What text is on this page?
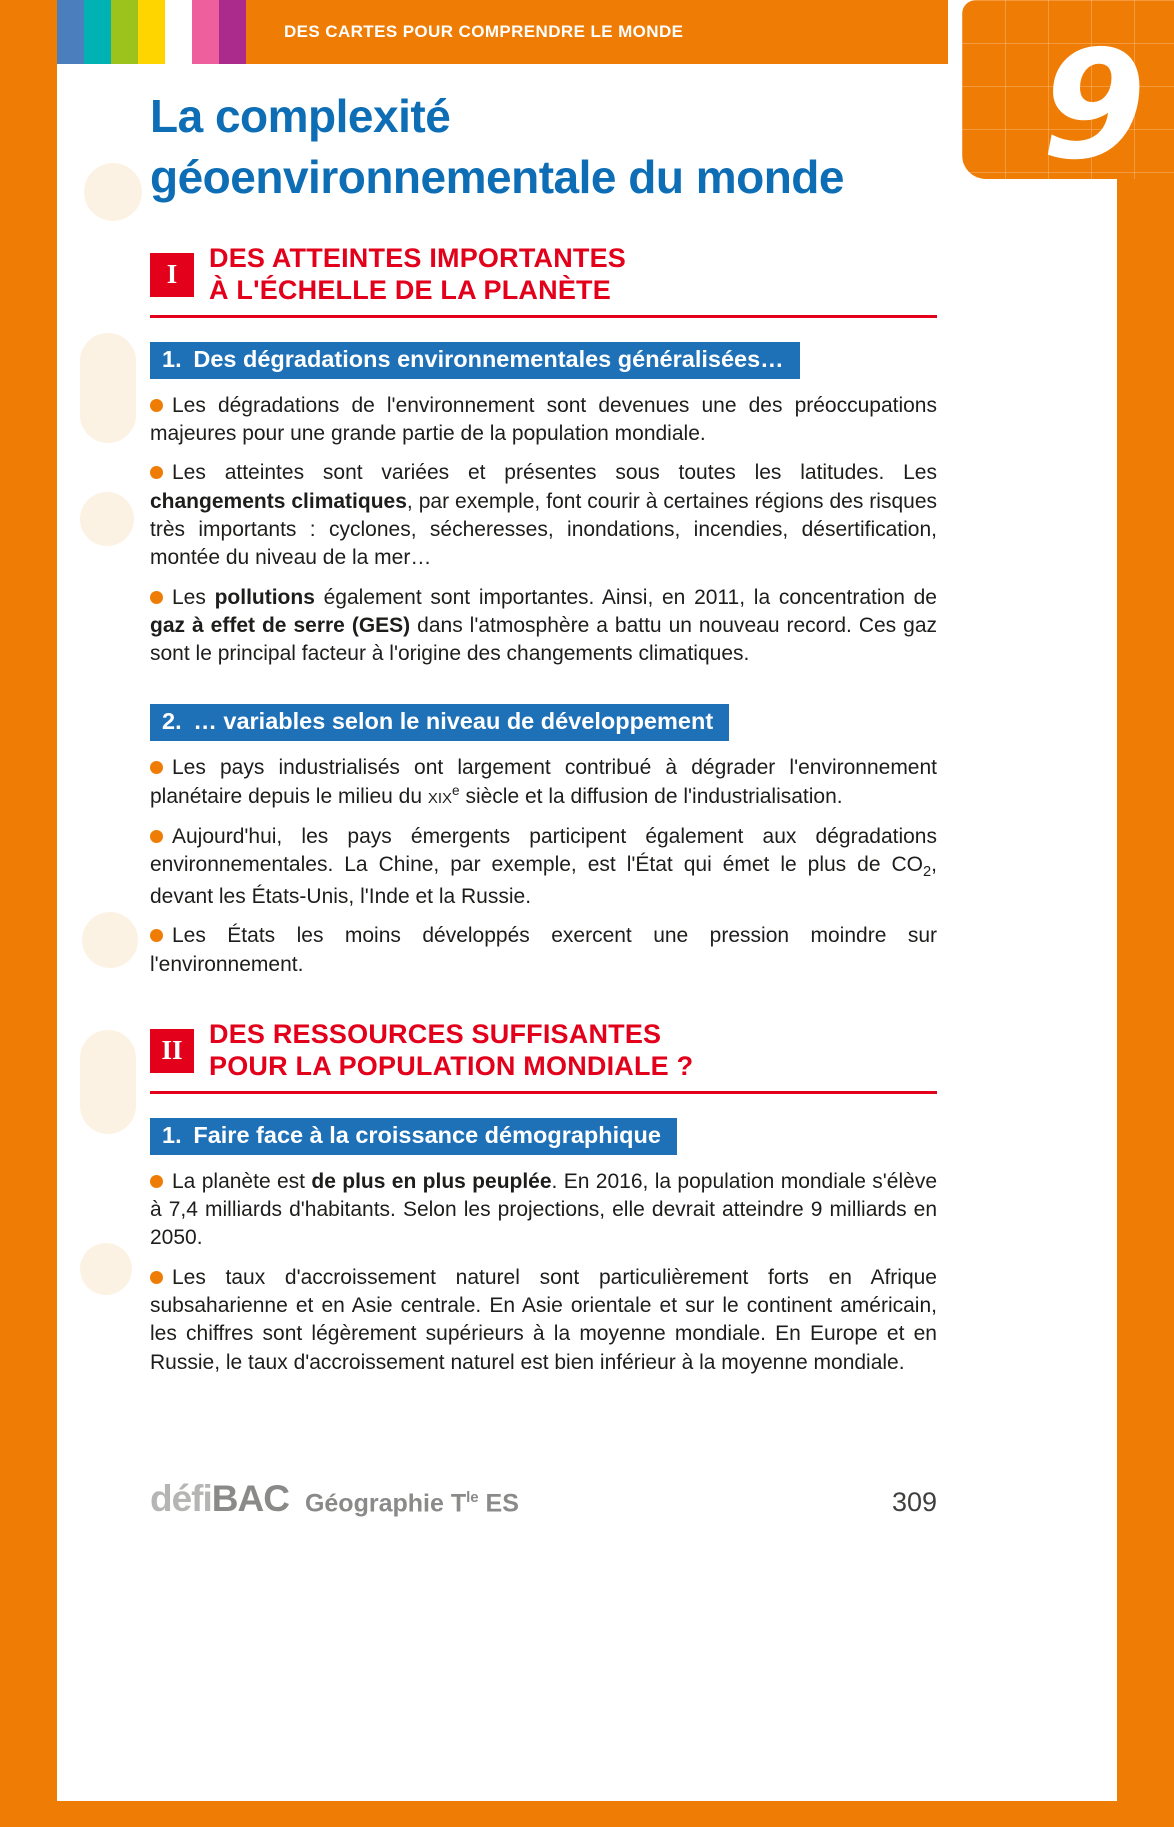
DES CARTES POUR COMPRENDRE LE MONDE 9
La complexité
géoenvironnementale du monde
I
DES ATTEINTES IMPORTANTES
À L'ÉCHELLE DE LA PLANÈTE
1. Des dégradations environnementales généralisées…

Les dégradations de l'environnement sont devenues une des préoccupations majeures pour une grande partie de la population mondiale.

Les atteintes sont variées et présentes sous toutes les latitudes. Les changements climatiques, par exemple, font courir à certaines régions des risques très importants : cyclones, sécheresses, inondations, incendies, désertification, montée du niveau de la mer…

Les pollutions également sont importantes. Ainsi, en 2011, la concentration de gaz à effet de serre (GES) dans l'atmosphère a battu un nouveau record. Ces gaz sont le principal facteur à l'origine des changements climatiques.

2. … variables selon le niveau de développement

Les pays industrialisés ont largement contribué à dégrader l'environnement planétaire depuis le milieu du xix$^e$ siècle et la diffusion de l'industrialisation.

Aujourd'hui, les pays émergents participent également aux dégradations environnementales. La Chine, par exemple, est l'État qui émet le plus de $CO_2$, devant les États-Unis, l'Inde et la Russie.

Les États les moins développés exercent une pression moindre sur l'environnement.

II
DES RESSOURCES SUFFISANTES
POUR LA POPULATION MONDIALE ?
1. Faire face à la croissance démographique

La planète est de plus en plus peuplée. En 2016, la population mondiale s'élève à 7,4 milliards d'habitants. Selon les projections, elle devrait atteindre 9 milliards en 2050.

Les taux d'accroissement naturel sont particulièrement forts en Afrique subsaharienne et en Asie centrale. En Asie orientale et sur le continent américain, les chiffres sont légèrement supérieurs à la moyenne mondiale. En Europe et en Russie, le taux d'accroissement naturel est bien inférieur à la moyenne mondiale.

défiBAC Géographie $T^{le}$ ES	309
